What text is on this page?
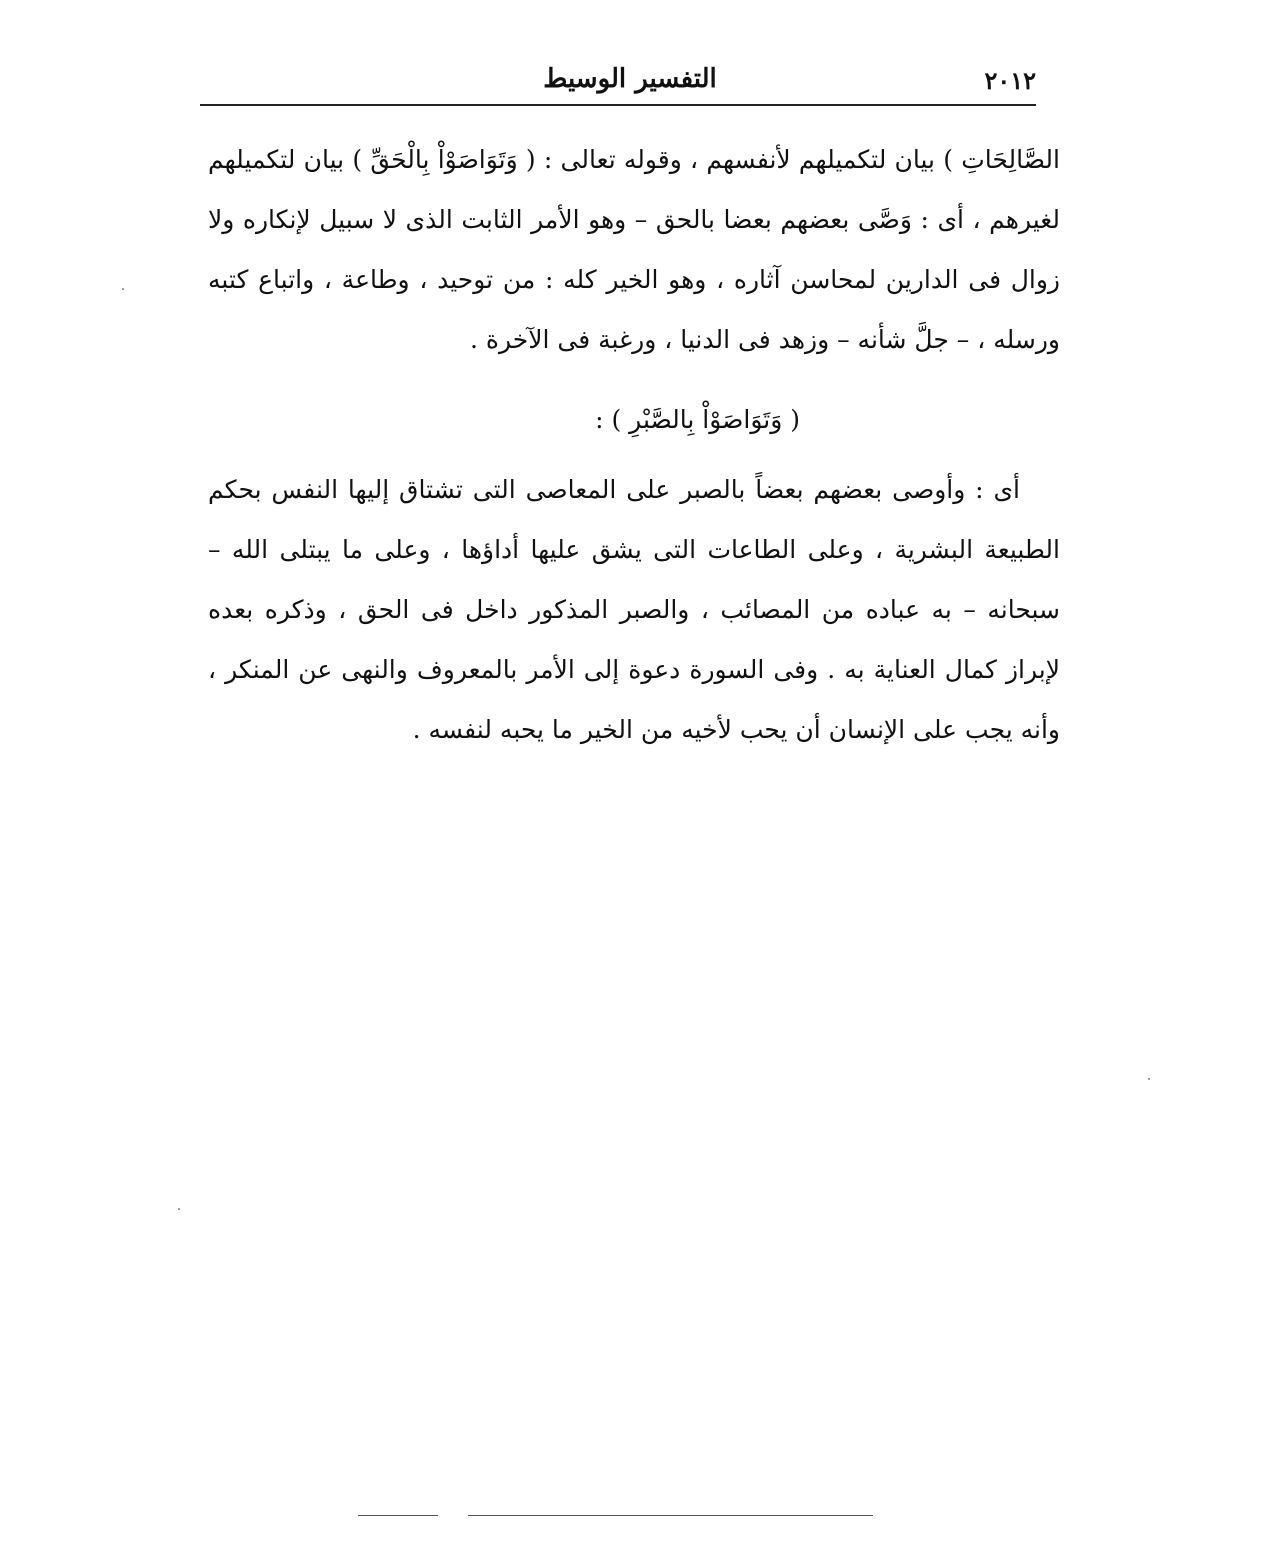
٢٠١٢
التفسير الوسيط

الصَّالِحَاتِ ) بيان لتكميلهم لأنفسهم ، وقوله تعالى : ( وَتَوَاصَوْاْ بِالْحَقِّ ) بيان لتكميلهم لغيرهم ، أى : وَصَّى بعضهم بعضا بالحق – وهو الأمر الثابت الذى لا سبيل لإنكاره ولا زوال فى الدارين لمحاسن آثاره ، وهو الخير كله : من توحيد ، وطاعة ، واتباع كتبه ورسله ، – جلَّ شأنه – وزهد فى الدنيا ، ورغبة فى الآخرة .

( وَتَوَاصَوْاْ بِالصَّبْرِ ) :

أى : وأوصى بعضهم بعضاً بالصبر على المعاصى التى تشتاق إليها النفس بحكم الطبيعة البشرية ، وعلى الطاعات التى يشق عليها أداؤها ، وعلى ما يبتلى الله – سبحانه – به عباده من المصائب ، والصبر المذكور داخل فى الحق ، وذكره بعده لإبراز كمال العناية به . وفى السورة دعوة إلى الأمر بالمعروف والنهى عن المنكر ، وأنه يجب على الإنسان أن يحب لأخيه من الخير ما يحبه لنفسه .
